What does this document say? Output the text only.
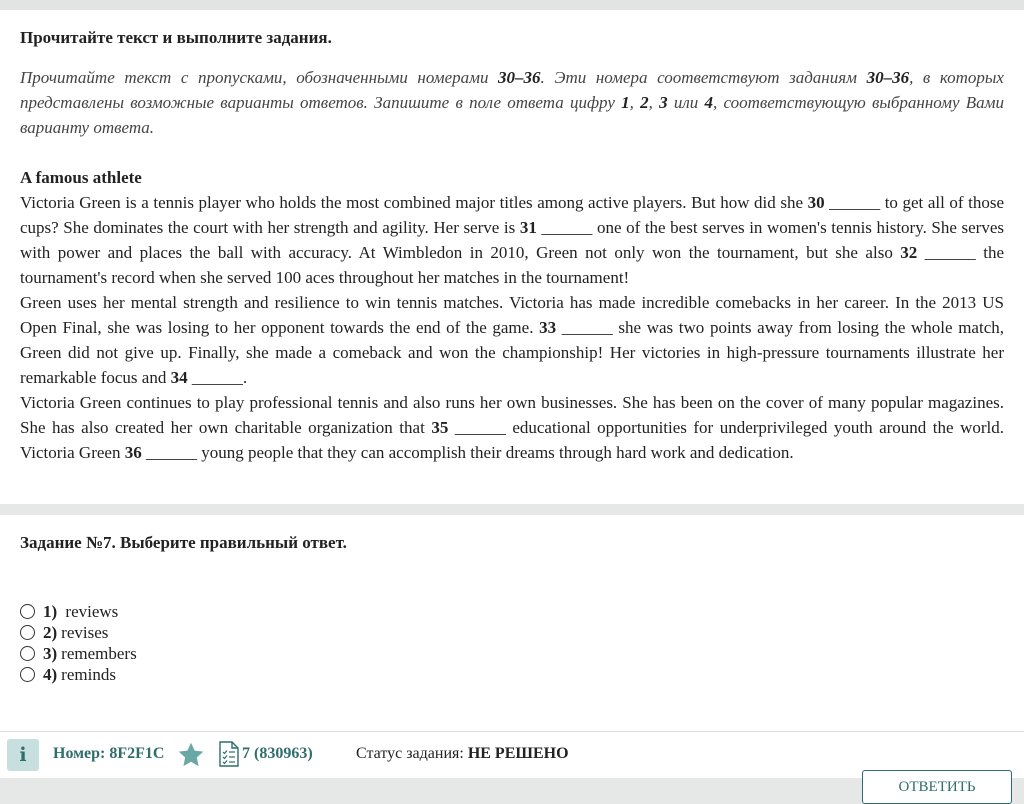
Прочитайте текст и выполните задания.

Прочитайте текст с пропусками, обозначенными номерами 30–36. Эти номера соответствуют заданиям 30–36, в которых представлены возможные варианты ответов. Запишите в поле ответа цифру 1, 2, 3 или 4, соответствующую выбранному Вами варианту ответа.

A famous athlete

Victoria Green is a tennis player who holds the most combined major titles among active players. But how did she 30 ______ to get all of those cups? She dominates the court with her strength and agility. Her serve is 31 ______ one of the best serves in women's tennis history. She serves with power and places the ball with accuracy. At Wimbledon in 2010, Green not only won the tournament, but she also 32 ______ the tournament's record when she served 100 aces throughout her matches in the tournament!

Green uses her mental strength and resilience to win tennis matches. Victoria has made incredible comebacks in her career. In the 2013 US Open Final, she was losing to her opponent towards the end of the game. 33 ______ she was two points away from losing the whole match, Green did not give up. Finally, she made a comeback and won the championship! Her victories in high-pressure tournaments illustrate her remarkable focus and 34 ______.

Victoria Green continues to play professional tennis and also runs her own businesses. She has been on the cover of many popular magazines. She has also created her own charitable organization that 35 ______ educational opportunities for underprivileged youth around the world. Victoria Green 36 ______ young people that they can accomplish their dreams through hard work and dedication.

Задание №7. Выберите правильный ответ.
1) reviews
2) revises
3) remembers
4) reminds
i	Номер: 8F2F1C	7 (830963)	Статус задания: НЕ РЕШЕНО
ОТВЕТИТЬ
